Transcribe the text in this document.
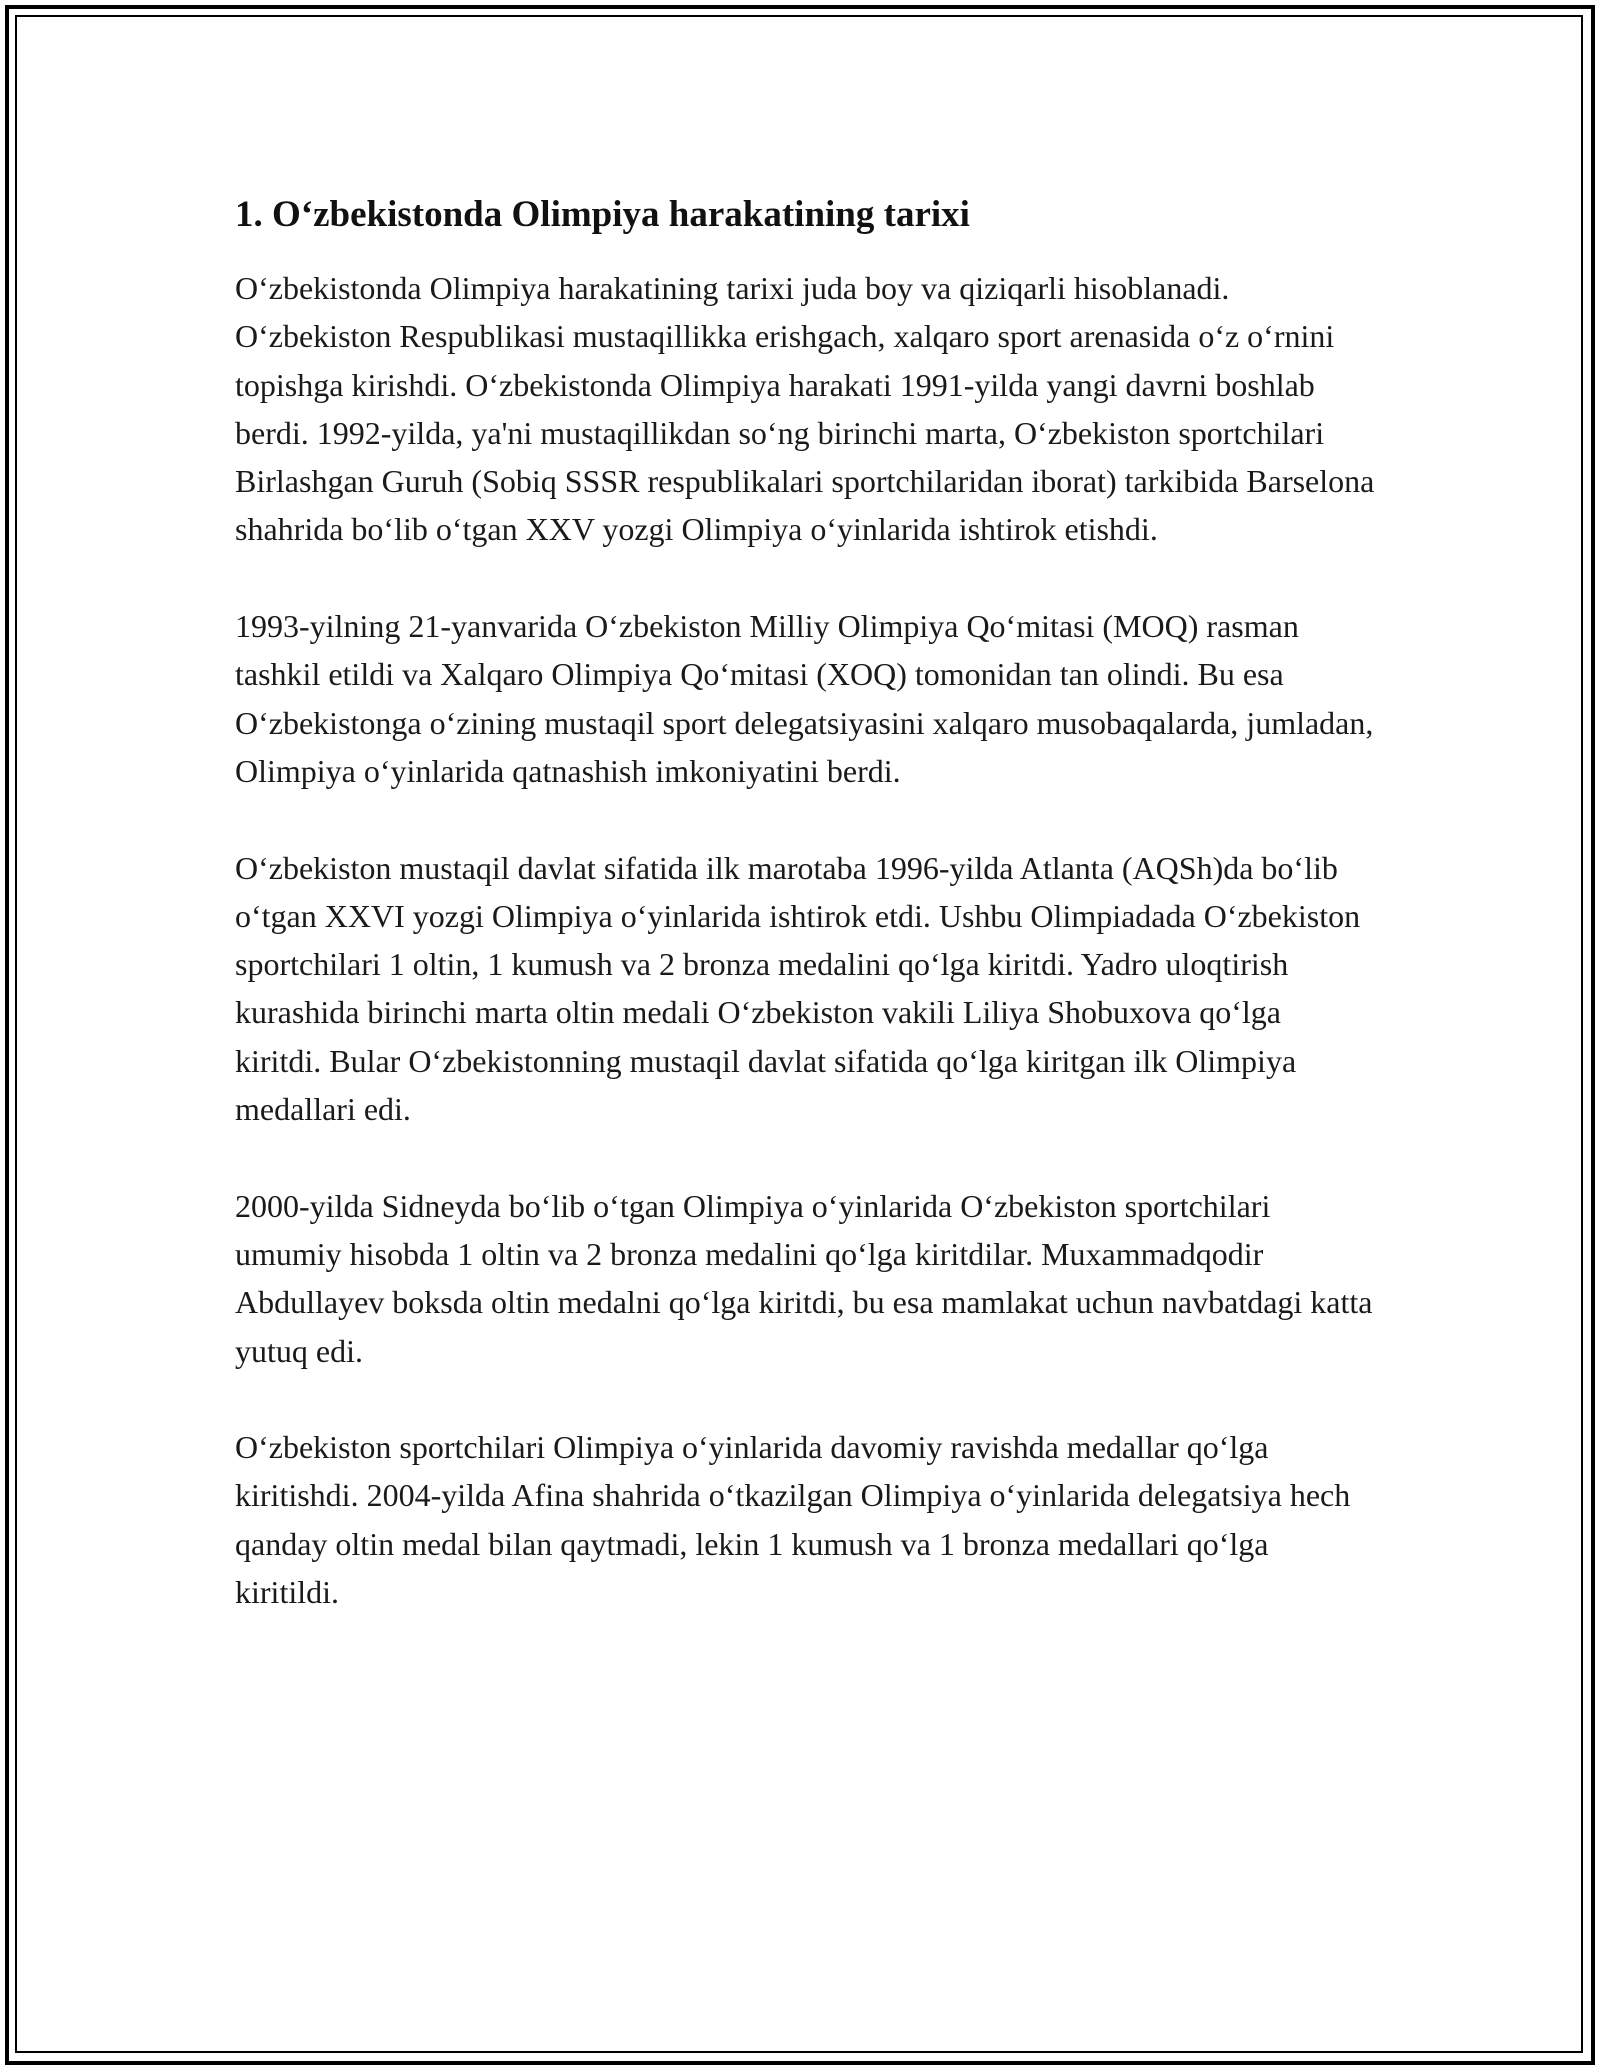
1. O‘zbekistonda Olimpiya harakatining tarixi

O‘zbekistonda Olimpiya harakatining tarixi juda boy va qiziqarli hisoblanadi. O‘zbekiston Respublikasi mustaqillikka erishgach, xalqaro sport arenasida o‘z o‘rnini topishga kirishdi. O‘zbekistonda Olimpiya harakati 1991-yilda yangi davrni boshlab berdi. 1992-yilda, ya'ni mustaqillikdan so‘ng birinchi marta, O‘zbekiston sportchilari Birlashgan Guruh (Sobiq SSSR respublikalari sportchilaridan iborat) tarkibida Barselona shahrida bo‘lib o‘tgan XXV yozgi Olimpiya o‘yinlarida ishtirok etishdi.

1993-yilning 21-yanvarida O‘zbekiston Milliy Olimpiya Qo‘mitasi (MOQ) rasman tashkil etildi va Xalqaro Olimpiya Qo‘mitasi (XOQ) tomonidan tan olindi. Bu esa O‘zbekistonga o‘zining mustaqil sport delegatsiyasini xalqaro musobaqalarda, jumladan, Olimpiya o‘yinlarida qatnashish imkoniyatini berdi.

O‘zbekiston mustaqil davlat sifatida ilk marotaba 1996-yilda Atlanta (AQSh)da bo‘lib o‘tgan XXVI yozgi Olimpiya o‘yinlarida ishtirok etdi. Ushbu Olimpiadada O‘zbekiston sportchilari 1 oltin, 1 kumush va 2 bronza medalini qo‘lga kiritdi. Yadro uloqtirish kurashida birinchi marta oltin medali O‘zbekiston vakili Liliya Shobuxova qo‘lga kiritdi. Bular O‘zbekistonning mustaqil davlat sifatida qo‘lga kiritgan ilk Olimpiya medallari edi.

2000-yilda Sidneyda bo‘lib o‘tgan Olimpiya o‘yinlarida O‘zbekiston sportchilari umumiy hisobda 1 oltin va 2 bronza medalini qo‘lga kiritdilar. Muxammadqodir Abdullayev boksda oltin medalni qo‘lga kiritdi, bu esa mamlakat uchun navbatdagi katta yutuq edi.

O‘zbekiston sportchilari Olimpiya o‘yinlarida davomiy ravishda medallar qo‘lga kiritishdi. 2004-yilda Afina shahrida o‘tkazilgan Olimpiya o‘yinlarida delegatsiya hech qanday oltin medal bilan qaytmadi, lekin 1 kumush va 1 bronza medallari qo‘lga kiritildi.
